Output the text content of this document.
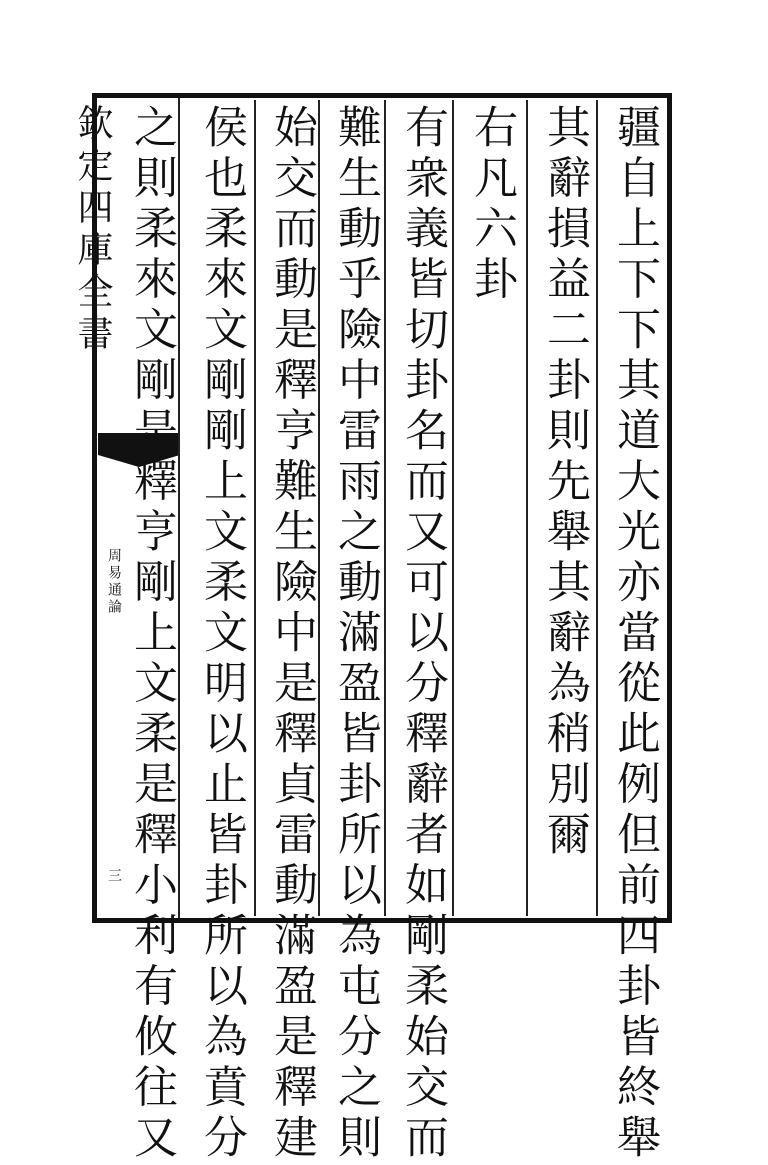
欽定四庫全書
周易通論
三	疆自上下下其道大光亦當從此例但前四卦皆終舉
其辭損益二卦則先舉其辭為稍別爾
右凡六卦
有衆義皆切卦名而又可以分釋辭者如剛柔始交而
難生動乎險中雷雨之動滿盈皆卦所以為屯分之則
始交而動是釋亨難生險中是釋貞雷動滿盈是釋建
侯也柔來文剛剛上文柔文明以止皆卦所以為賁分
之則柔來文剛是釋亨剛上文柔是釋小利有攸往又
